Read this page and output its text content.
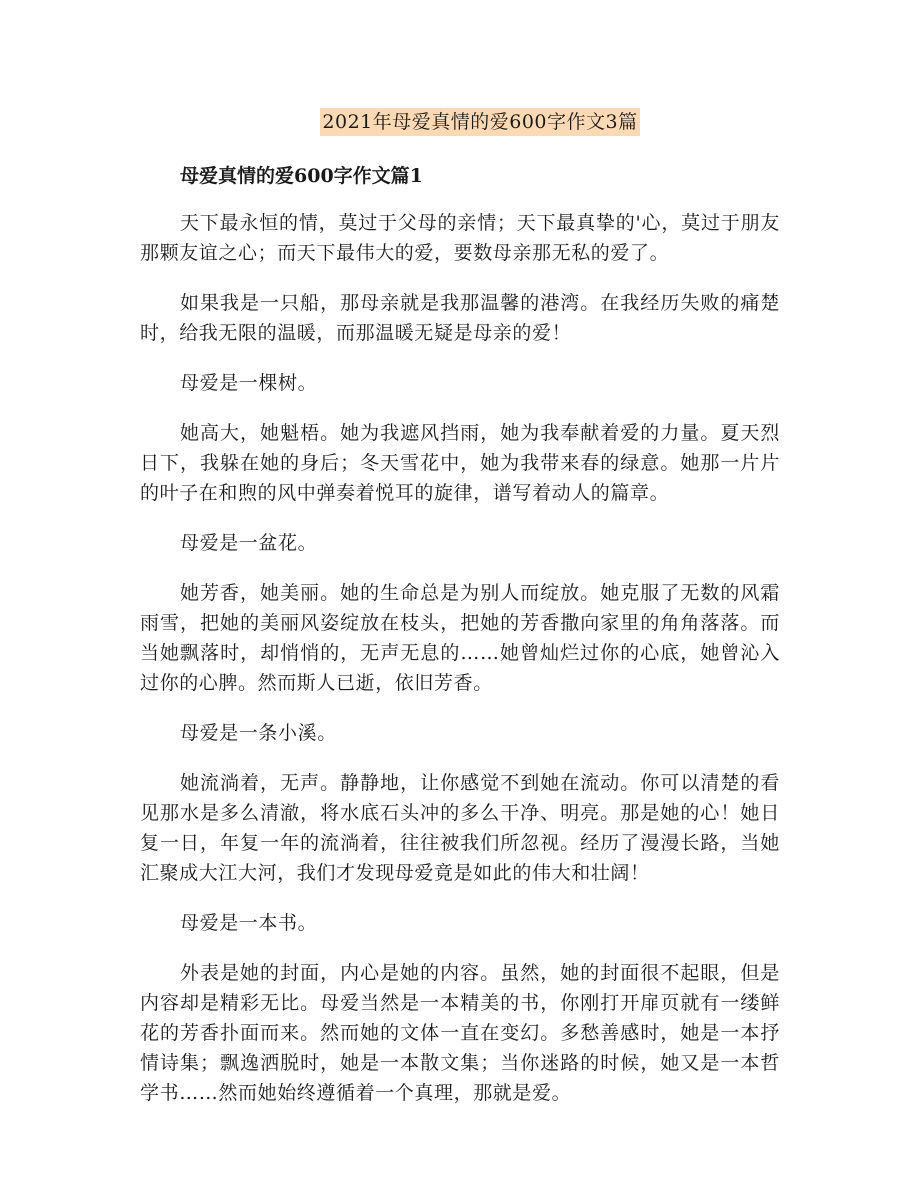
2021年母爱真情的爱600字作文3篇
母爱真情的爱600字作文篇1

天下最永恒的情，莫过于父母的亲情；天下最真挚的'心，莫过于朋友那颗友谊之心；而天下最伟大的爱，要数母亲那无私的爱了。

如果我是一只船，那母亲就是我那温馨的港湾。在我经历失败的痛楚时，给我无限的温暖，而那温暖无疑是母亲的爱！

母爱是一棵树。

她高大，她魁梧。她为我遮风挡雨，她为我奉献着爱的力量。夏天烈日下，我躲在她的身后；冬天雪花中，她为我带来春的绿意。她那一片片的叶子在和煦的风中弹奏着悦耳的旋律，谱写着动人的篇章。

母爱是一盆花。

她芳香，她美丽。她的生命总是为别人而绽放。她克服了无数的风霜雨雪，把她的美丽风姿绽放在枝头，把她的芳香撒向家里的角角落落。而当她飘落时，却悄悄的，无声无息的……她曾灿烂过你的心底，她曾沁入过你的心脾。然而斯人已逝，依旧芳香。

母爱是一条小溪。

她流淌着，无声。静静地，让你感觉不到她在流动。你可以清楚的看见那水是多么清澈，将水底石头冲的多么干净、明亮。那是她的心！她日复一日，年复一年的流淌着，往往被我们所忽视。经历了漫漫长路，当她汇聚成大江大河，我们才发现母爱竟是如此的伟大和壮阔！

母爱是一本书。

外表是她的封面，内心是她的内容。虽然，她的封面很不起眼，但是内容却是精彩无比。母爱当然是一本精美的书，你刚打开扉页就有一缕鲜花的芳香扑面而来。然而她的文体一直在变幻。多愁善感时，她是一本抒情诗集；飘逸洒脱时，她是一本散文集；当你迷路的时候，她又是一本哲学书……然而她始终遵循着一个真理，那就是爱。
